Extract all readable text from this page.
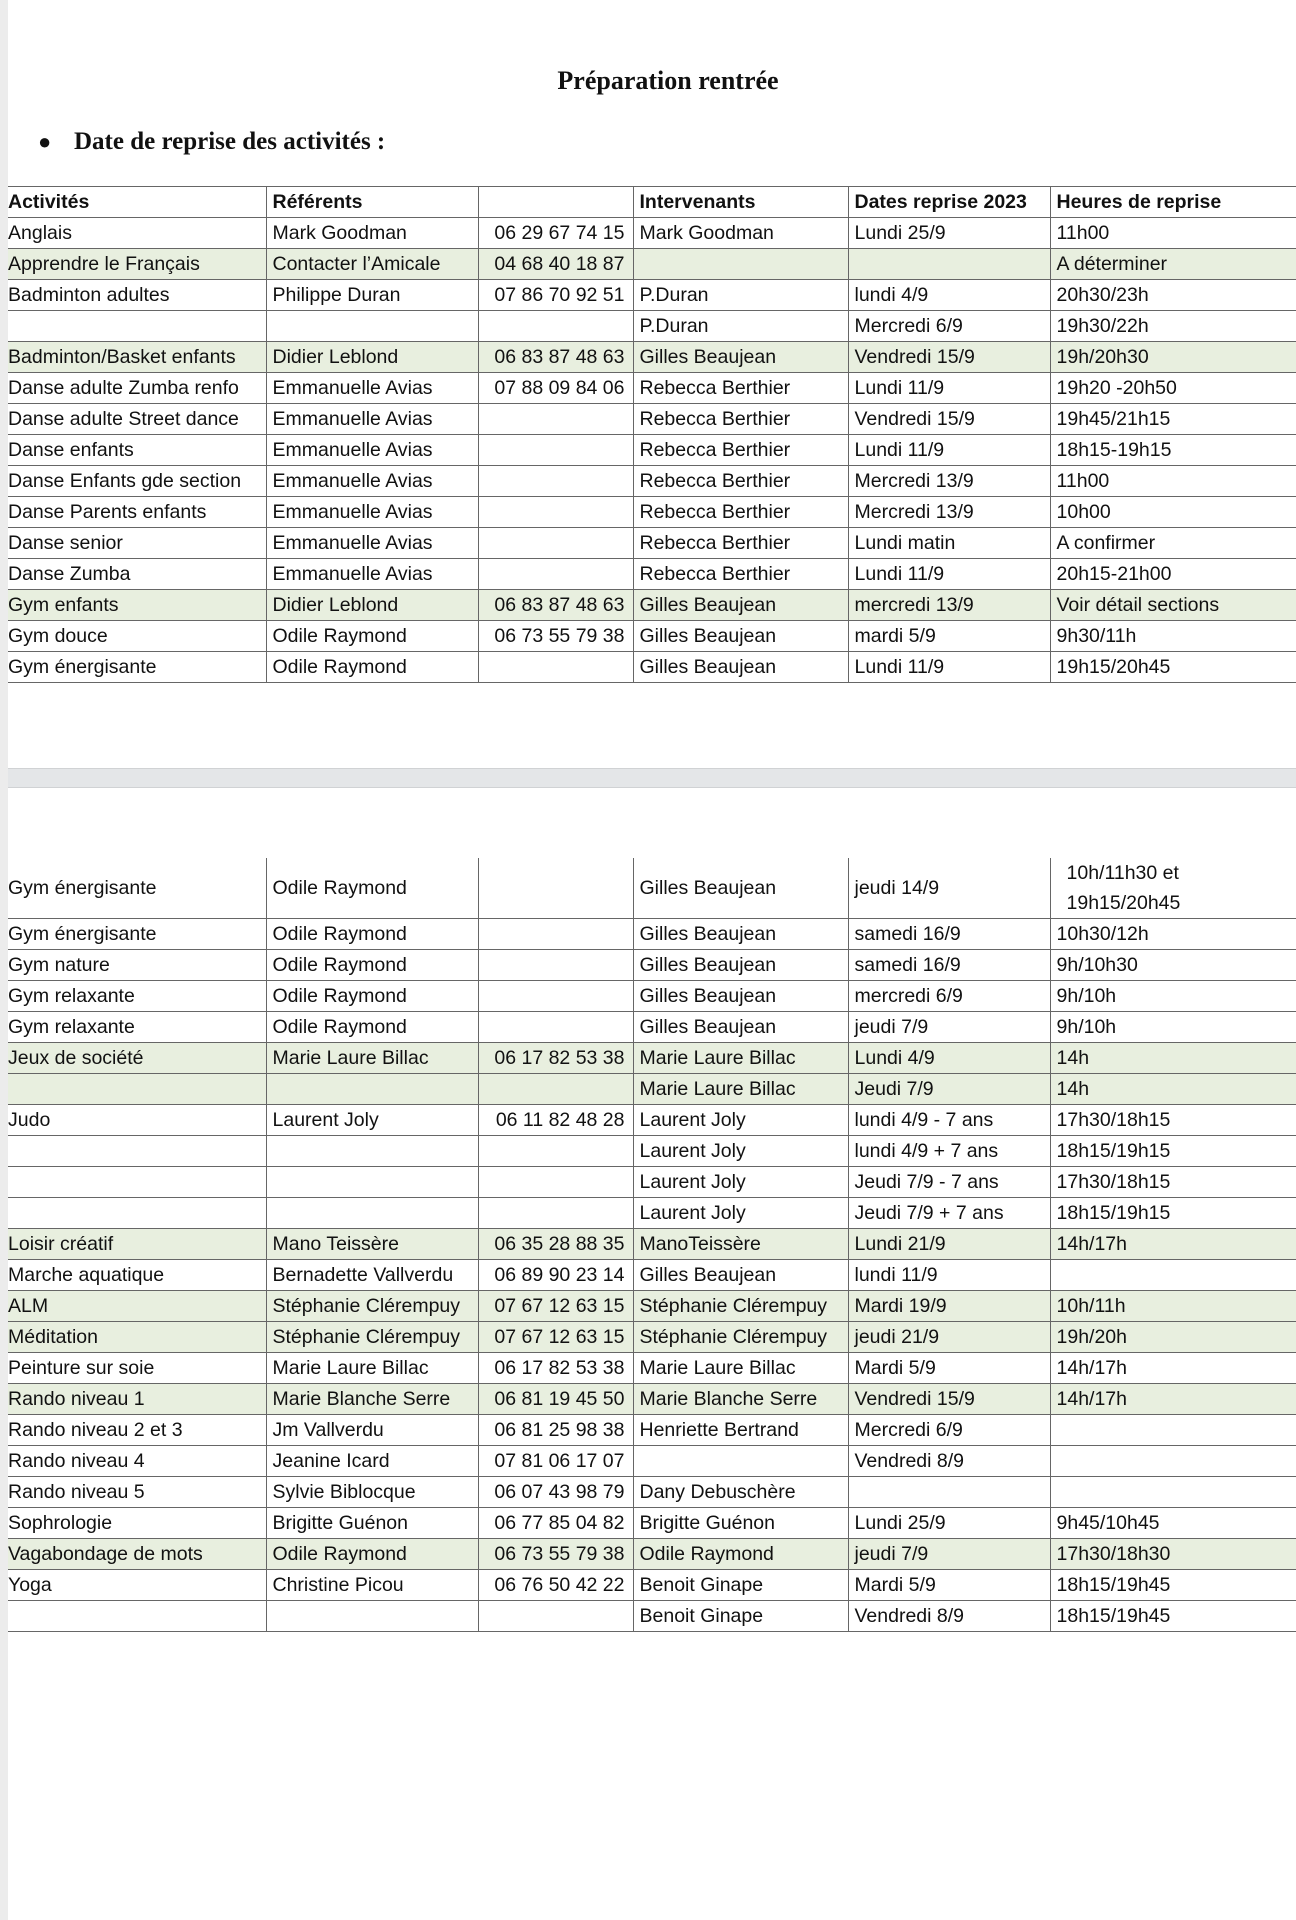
Préparation rentrée
● Date de reprise des activités :
Activités	Référents		Intervenants	Dates reprise 2023	Heures de reprise
Anglais	Mark Goodman	06 29 67 74 15	Mark Goodman	Lundi 25/9	11h00
Apprendre le Français	Contacter l’Amicale	04 68 40 18 87			A déterminer
Badminton adultes	Philippe Duran	07 86 70 92 51	P.Duran	lundi 4/9	20h30/23h
			P.Duran	Mercredi 6/9	19h30/22h
Badminton/Basket enfants	Didier Leblond	06 83 87 48 63	Gilles Beaujean	Vendredi 15/9	19h/20h30
Danse adulte Zumba renfo	Emmanuelle Avias	07 88 09 84 06	Rebecca Berthier	Lundi 11/9	19h20 -20h50
Danse adulte Street dance	Emmanuelle Avias		Rebecca Berthier	Vendredi 15/9	19h45/21h15
Danse enfants	Emmanuelle Avias		Rebecca Berthier	Lundi 11/9	18h15-19h15
Danse Enfants gde section	Emmanuelle Avias		Rebecca Berthier	Mercredi 13/9	11h00
Danse Parents enfants	Emmanuelle Avias		Rebecca Berthier	Mercredi 13/9	10h00
Danse senior	Emmanuelle Avias		Rebecca Berthier	Lundi matin	A confirmer
Danse Zumba	Emmanuelle Avias		Rebecca Berthier	Lundi 11/9	20h15-21h00
Gym enfants	Didier Leblond	06 83 87 48 63	Gilles Beaujean	mercredi 13/9	Voir détail sections
Gym douce	Odile Raymond	06 73 55 79 38	Gilles Beaujean	mardi 5/9	9h30/11h
Gym énergisante	Odile Raymond		Gilles Beaujean	Lundi 11/9	19h15/20h45
Gym énergisante	Odile Raymond		Gilles Beaujean	jeudi 14/9	10h/11h30 et
19h15/20h45

Gym énergisante	Odile Raymond		Gilles Beaujean	samedi 16/9	10h30/12h
Gym nature	Odile Raymond		Gilles Beaujean	samedi 16/9	9h/10h30
Gym relaxante	Odile Raymond		Gilles Beaujean	mercredi 6/9	9h/10h
Gym relaxante	Odile Raymond		Gilles Beaujean	jeudi 7/9	9h/10h
Jeux de société	Marie Laure Billac	06 17 82 53 38	Marie Laure Billac	Lundi 4/9	14h
			Marie Laure Billac	Jeudi 7/9	14h
Judo	Laurent Joly	06 11 82 48 28	Laurent Joly	lundi 4/9 - 7 ans	17h30/18h15
			Laurent Joly	lundi 4/9 + 7 ans	18h15/19h15
			Laurent Joly	Jeudi 7/9 - 7 ans	17h30/18h15
			Laurent Joly	Jeudi 7/9 + 7 ans	18h15/19h15
Loisir créatif	Mano Teissère	06 35 28 88 35	ManoTeissère	Lundi 21/9	14h/17h
Marche aquatique	Bernadette Vallverdu	06 89 90 23 14	Gilles Beaujean	lundi 11/9	
ALM	Stéphanie Clérempuy	07 67 12 63 15	Stéphanie Clérempuy	Mardi 19/9	10h/11h
Méditation	Stéphanie Clérempuy	07 67 12 63 15	Stéphanie Clérempuy	jeudi 21/9	19h/20h
Peinture sur soie	Marie Laure Billac	06 17 82 53 38	Marie Laure Billac	Mardi 5/9	14h/17h
Rando niveau 1	Marie Blanche Serre	06 81 19 45 50	Marie Blanche Serre	Vendredi 15/9	14h/17h
Rando niveau 2 et 3	Jm Vallverdu	06 81 25 98 38	Henriette Bertrand	Mercredi 6/9	
Rando niveau 4	Jeanine Icard	07 81 06 17 07		Vendredi 8/9	
Rando niveau 5	Sylvie Biblocque	06 07 43 98 79	Dany Debuschère		
Sophrologie	Brigitte Guénon	06 77 85 04 82	Brigitte Guénon	Lundi 25/9	9h45/10h45
Vagabondage de mots	Odile Raymond	06 73 55 79 38	Odile Raymond	jeudi 7/9	17h30/18h30
Yoga	Christine Picou	06 76 50 42 22	Benoit Ginape	Mardi 5/9	18h15/19h45
			Benoit Ginape	Vendredi 8/9	18h15/19h45
